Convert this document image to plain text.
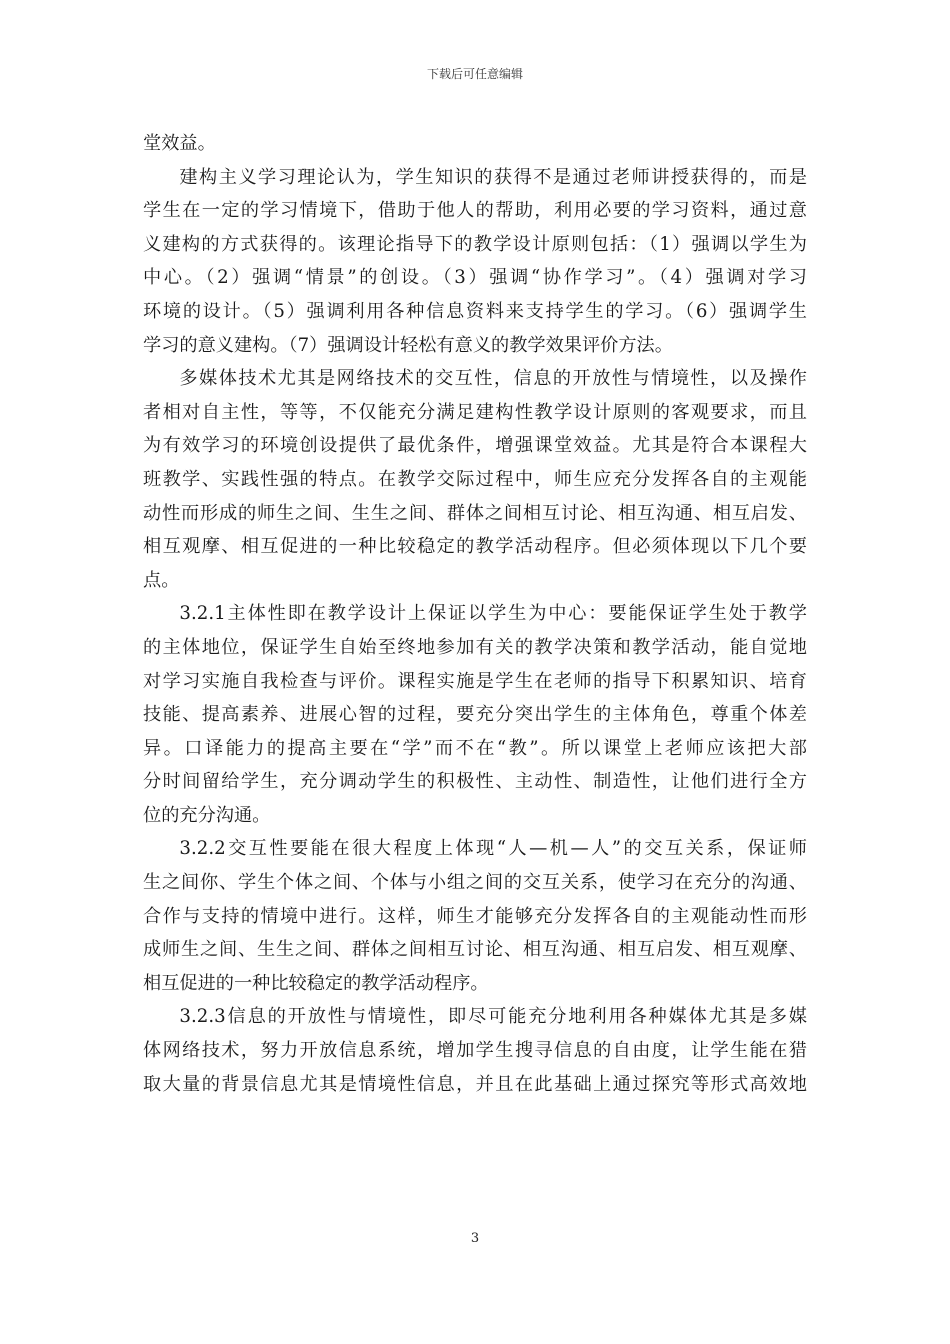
下载后可任意编辑
堂效益。
建构主义学习理论认为，学生知识的获得不是通过老师讲授获得的，而是
学生在一定的学习情境下，借助于他人的帮助，利用必要的学习资料，通过意
义建构的方式获得的。该理论指导下的教学设计原则包括：（1）强调以学生为
中心。（2）强调“情景”的创设。（3）强调“协作学习”。（4）强调对学习
环境的设计。（5）强调利用各种信息资料来支持学生的学习。（6）强调学生
学习的意义建构。（7）强调设计轻松有意义的教学效果评价方法。
多媒体技术尤其是网络技术的交互性，信息的开放性与情境性，以及操作
者相对自主性，等等，不仅能充分满足建构性教学设计原则的客观要求，而且
为有效学习的环境创设提供了最优条件，增强课堂效益。尤其是符合本课程大
班教学、实践性强的特点。在教学交际过程中，师生应充分发挥各自的主观能
动性而形成的师生之间、生生之间、群体之间相互讨论、相互沟通、相互启发、
相互观摩、相互促进的一种比较稳定的教学活动程序。但必须体现以下几个要
点。
3.2.1主体性即在教学设计上保证以学生为中心：要能保证学生处于教学
的主体地位，保证学生自始至终地参加有关的教学决策和教学活动，能自觉地
对学习实施自我检查与评价。课程实施是学生在老师的指导下积累知识、培育
技能、提高素养、进展心智的过程，要充分突出学生的主体角色，尊重个体差
异。口译能力的提高主要在“学”而不在“教”。所以课堂上老师应该把大部
分时间留给学生，充分调动学生的积极性、主动性、制造性，让他们进行全方
位的充分沟通。
3.2.2交互性要能在很大程度上体现“人—机—人”的交互关系，保证师
生之间你、学生个体之间、个体与小组之间的交互关系，使学习在充分的沟通、
合作与支持的情境中进行。这样，师生才能够充分发挥各自的主观能动性而形
成师生之间、生生之间、群体之间相互讨论、相互沟通、相互启发、相互观摩、
相互促进的一种比较稳定的教学活动程序。
3.2.3信息的开放性与情境性，即尽可能充分地利用各种媒体尤其是多媒
体网络技术，努力开放信息系统，增加学生搜寻信息的自由度，让学生能在猎
取大量的背景信息尤其是情境性信息，并且在此基础上通过探究等形式高效地
3
